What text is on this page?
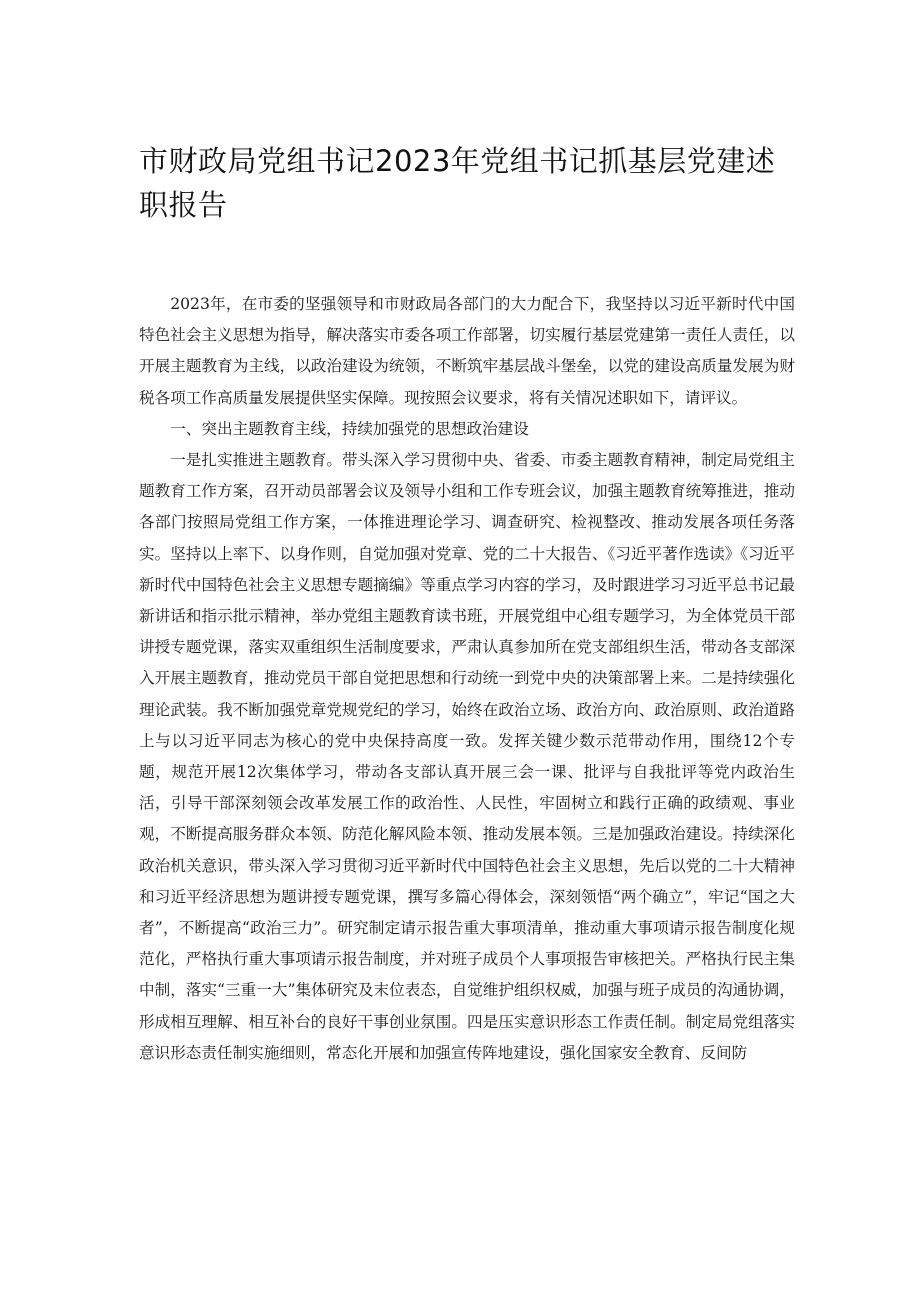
市财政局党组书记2023年党组书记抓基层党建述职报告

2023年，在市委的坚强领导和市财政局各部门的大力配合下，我坚持以习近平新时代中国特色社会主义思想为指导，解决落实市委各项工作部署，切实履行基层党建第一责任人责任，以开展主题教育为主线，以政治建设为统领，不断筑牢基层战斗堡垒，以党的建设高质量发展为财税各项工作高质量发展提供坚实保障。现按照会议要求，将有关情况述职如下，请评议。

一、突出主题教育主线，持续加强党的思想政治建设

一是扎实推进主题教育。带头深入学习贯彻中央、省委、市委主题教育精神，制定局党组主题教育工作方案，召开动员部署会议及领导小组和工作专班会议，加强主题教育统筹推进，推动各部门按照局党组工作方案，一体推进理论学习、调查研究、检视整改、推动发展各项任务落实。坚持以上率下、以身作则，自觉加强对党章、党的二十大报告、《习近平著作选读》《习近平新时代中国特色社会主义思想专题摘编》等重点学习内容的学习，及时跟进学习习近平总书记最新讲话和指示批示精神，举办党组主题教育读书班，开展党组中心组专题学习，为全体党员干部讲授专题党课，落实双重组织生活制度要求，严肃认真参加所在党支部组织生活，带动各支部深入开展主题教育，推动党员干部自觉把思想和行动统一到党中央的决策部署上来。二是持续强化理论武装。我不断加强党章党规党纪的学习，始终在政治立场、政治方向、政治原则、政治道路上与以习近平同志为核心的党中央保持高度一致。发挥关键少数示范带动作用，围绕12个专题，规范开展12次集体学习，带动各支部认真开展三会一课、批评与自我批评等党内政治生活，引导干部深刻领会改革发展工作的政治性、人民性，牢固树立和践行正确的政绩观、事业观，不断提高服务群众本领、防范化解风险本领、推动发展本领。三是加强政治建设。持续深化政治机关意识，带头深入学习贯彻习近平新时代中国特色社会主义思想，先后以党的二十大精神和习近平经济思想为题讲授专题党课，撰写多篇心得体会，深刻领悟“两个确立”，牢记“国之大者”，不断提高“政治三力”。研究制定请示报告重大事项清单，推动重大事项请示报告制度化规范化，严格执行重大事项请示报告制度，并对班子成员个人事项报告审核把关。严格执行民主集中制，落实“三重一大”集体研究及末位表态，自觉维护组织权威，加强与班子成员的沟通协调，形成相互理解、相互补台的良好干事创业氛围。四是压实意识形态工作责任制。制定局党组落实意识形态责任制实施细则，常态化开展和加强宣传阵地建设，强化国家安全教育、反间防
